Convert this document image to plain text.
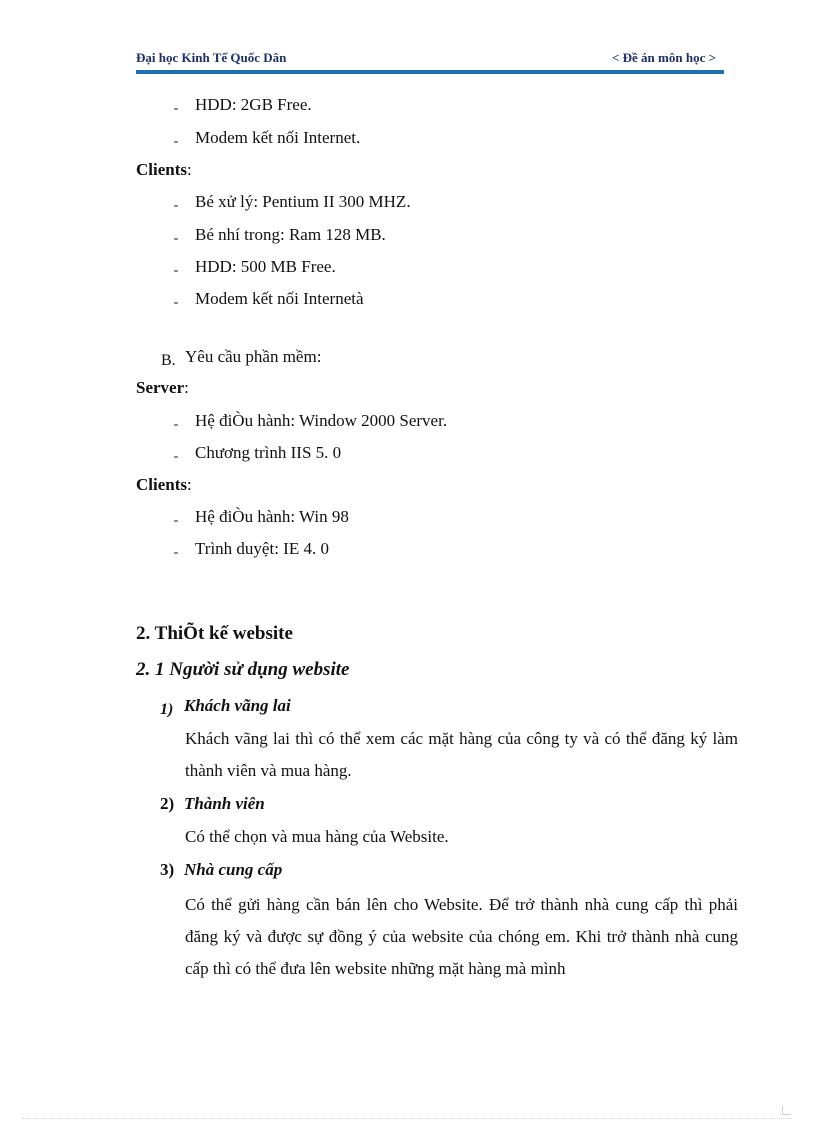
Đại học Kinh Tế Quốc Dân	< Đề án môn học >
- HDD: 2GB Free.
- Modem kết nối Internet.
Clients:
- Bé xử lý: Pentium II 300 MHZ.
- Bé nhí trong: Ram 128 MB.
- HDD: 500 MB Free.
- Modem kết nối Internetà
B. Yêu cầu phần mềm:
Server:
- Hệ điÒu hành: Window 2000 Server.
- Chương trình IIS 5. 0
Clients:
- Hệ điÒu hành: Win 98
- Trình duyệt: IE 4. 0
2. ThiÕt kế website
2. 1 Người sử dụng website
1) Khách vãng lai

Khách vãng lai thì có thể xem các mặt hàng của công ty và có thể đăng ký làm thành viên và mua hàng.

2) Thành viên

Có thể chọn và mua hàng của Website.

3) Nhà cung cấp

Có thể gửi hàng cần bán lên cho Website. Để trở thành nhà cung cấp thì phải đăng ký và được sự đồng ý của website của chóng em. Khi trở thành nhà cung cấp thì có thể đưa lên website những mặt hàng mà mình
